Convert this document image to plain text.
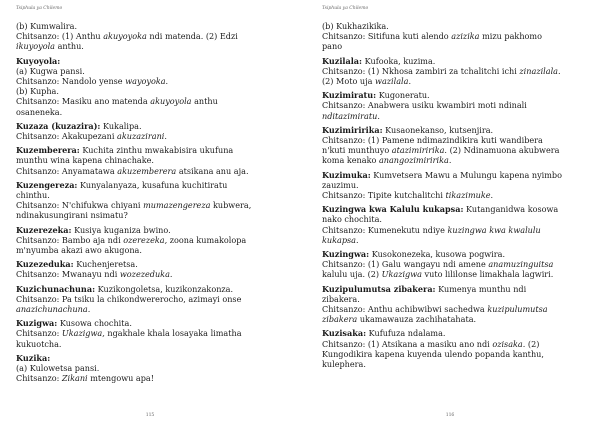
Tsiphula ya Chilemo
(b) Kumwalira.
Chitsanzo: (1) Anthu akuyoyoka ndi matenda. (2) Edzi
ikuyoyola anthu.
Kuyoyola:
(a) Kugwa pansi.
Chitsanzo: Nandolo yense wayoyoka.
(b) Kupha.
Chitsanzo: Masiku ano matenda akuyoyola anthu
osaneneka.
Kuzaza (kuzazira): Kukalipa.
Chitsanzo: Akakupezani akuzazirani.
Kuzemberera: Kuchita zinthu mwakabisira ukufuna
munthu wina kapena chinachake.
Chitsanzo: Anyamatawa akuzemberera atsikana anu aja.
Kuzengereza: Kunyalanyaza, kusafuna kuchitiratu
chinthu.
Chitsanzo: N'chifukwa chiyani mumazengereza kubwera,
ndinakusungirani nsimatu?
Kuzerezeka: Kusiya kuganiza bwino.
Chitsanzo: Bambo aja ndi ozerezeka, zoona kumakolopa
m'nyumba akazi awo akugona.
Kuzezeduka: Kuchenjeretsa.
Chitsanzo: Mwanayu ndi wozezeduka.
Kuzichunachuna: Kuzikongoletsa, kuzikonzakonza.
Chitsanzo: Pa tsiku la chikondwererocho, azimayi onse
anazichunachuna.
Kuzigwa: Kusowa chochita.
Chitsanzo: Ukazigwa, ngakhale khala losayaka limatha
kukuotcha.
Kuzika:
(a) Kulowetsa pansi.
Chitsanzo: Zikani mtengowu apa!
115
Tsiphula ya Chilemo
(b) Kukhazikika.
Chitsanzo: Sitifuna kuti alendo azizika mizu pakhomo
pano
Kuzilala: Kufooka, kuzima.
Chitsanzo: (1) Nkhosa zambiri za tchalitchi ichi zinazilala.
(2) Moto uja wazilala.
Kuzimiratu: Kugoneratu.
Chitsanzo: Anabwera usiku kwambiri moti ndinali
nditazimiratu.
Kuzimiririka: Kusaonekanso, kutsenjira.
Chitsanzo: (1) Pamene ndimazindikira kuti wandibera
n'kuti munthuyo atazimiririka. (2) Ndinamuona akubwera
koma kenako anangozimiririka.
Kuzimuka: Kumvetsera Mawu a Mulungu kapena nyimbo
zauzimu.
Chitsanzo: Tipite kutchalitchi tikazimuke.
Kuzingwa kwa Kalulu kukapsa: Kutanganidwa kosowa
nako chochita.
Chitsanzo: Kumenekutu ndiye kuzingwa kwa kwalulu
kukapsa.
Kuzingwa: Kusokonezeka, kusowa pogwira.
Chitsanzo: (1) Galu wangayu ndi amene anamuzinguitsa
kalulu uja. (2) Ukazigwa vuto lililonse limakhala lagwiri.
Kuzipulumutsa zibakera: Kumenya munthu ndi
zibakera.
Chitsanzo: Anthu achibwibwi sachedwa kuzipulumutsa
zibakera ukamawauza zachihatahata.
Kuzisaka: Kufufuza ndalama.
Chitsanzo: (1) Atsikana a masiku ano ndi ozisaka. (2)
Kungodikira kapena kuyenda ulendo popanda kanthu,
kulephera.
116
